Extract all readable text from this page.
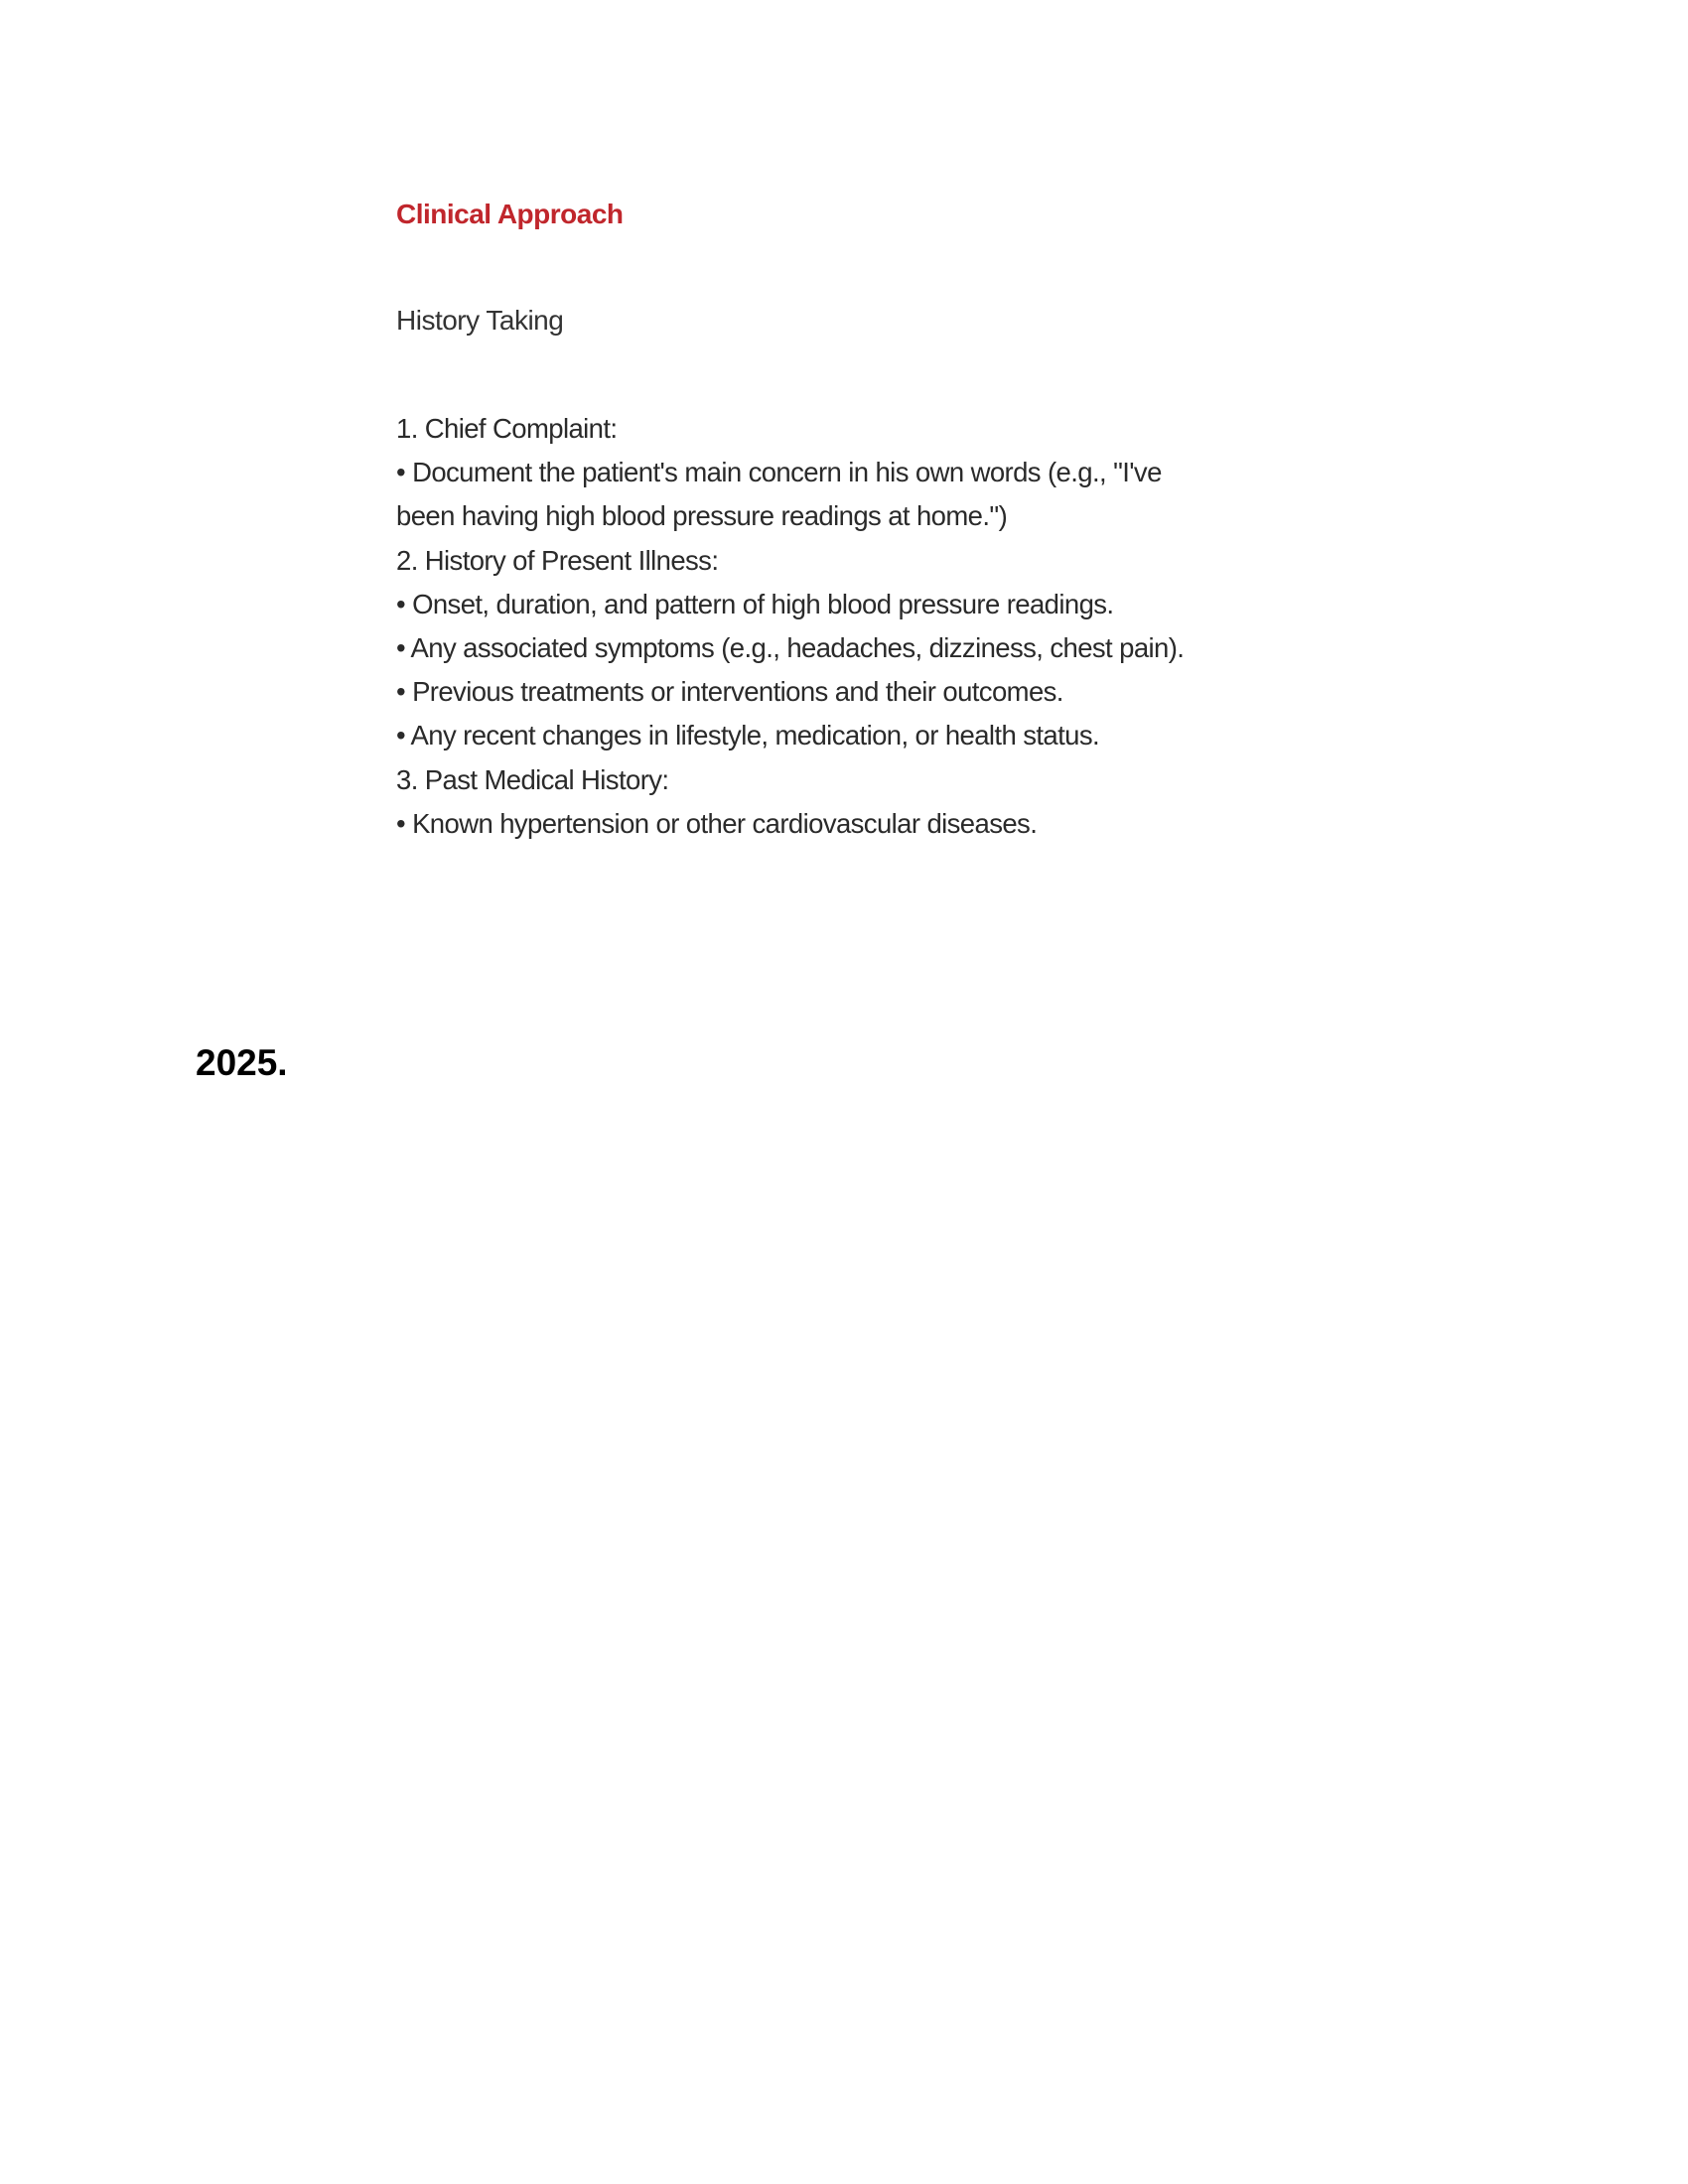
Clinical Approach
History Taking
1. Chief Complaint:
• Document the patient's main concern in his own words (e.g., "I've
been having high blood pressure readings at home.")
2. History of Present Illness:
• Onset, duration, and pattern of high blood pressure readings.
• Any associated symptoms (e.g., headaches, dizziness, chest pain).
• Previous treatments or interventions and their outcomes.
• Any recent changes in lifestyle, medication, or health status.
3. Past Medical History:
• Known hypertension or other cardiovascular diseases.
2025.
